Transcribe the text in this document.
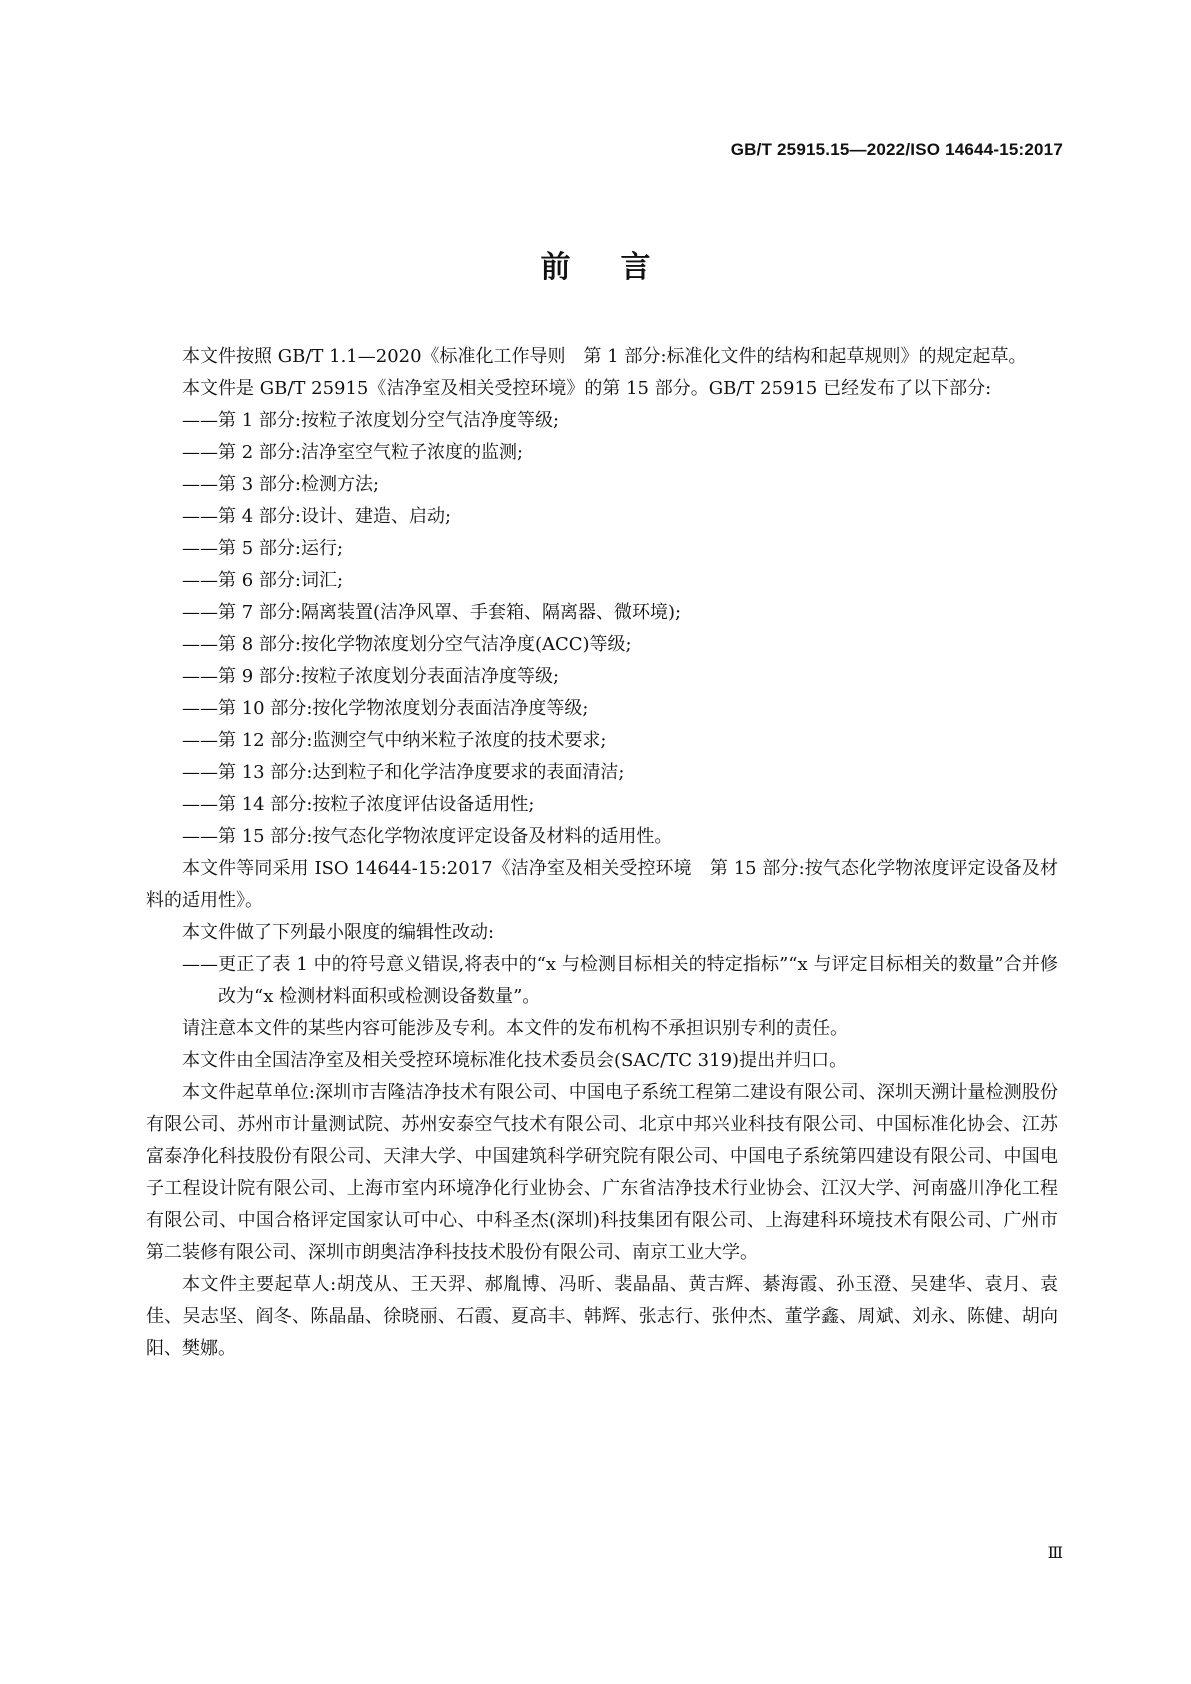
GB/T 25915.15—2022/ISO 14644-15:2017
前言

本文件按照 GB/T 1.1—2020《标准化工作导则　第 1 部分:标准化文件的结构和起草规则》的规定起草。

本文件是 GB/T 25915《洁净室及相关受控环境》的第 15 部分。GB/T 25915 已经发布了以下部分:

——第 1 部分:按粒子浓度划分空气洁净度等级;

——第 2 部分:洁净室空气粒子浓度的监测;

——第 3 部分:检测方法;

——第 4 部分:设计、建造、启动;

——第 5 部分:运行;

——第 6 部分:词汇;

——第 7 部分:隔离装置(洁净风罩、手套箱、隔离器、微环境);

——第 8 部分:按化学物浓度划分空气洁净度(ACC)等级;

——第 9 部分:按粒子浓度划分表面洁净度等级;

——第 10 部分:按化学物浓度划分表面洁净度等级;

——第 12 部分:监测空气中纳米粒子浓度的技术要求;

——第 13 部分:达到粒子和化学洁净度要求的表面清洁;

——第 14 部分:按粒子浓度评估设备适用性;

——第 15 部分:按气态化学物浓度评定设备及材料的适用性。

本文件等同采用 ISO 14644-15:2017《洁净室及相关受控环境　第 15 部分:按气态化学物浓度评定设备及材料的适用性》。

本文件做了下列最小限度的编辑性改动:

——更正了表 1 中的符号意义错误,将表中的“x 与检测目标相关的特定指标”“x 与评定目标相关的数量”合并修改为“x 检测材料面积或检测设备数量”。

请注意本文件的某些内容可能涉及专利。本文件的发布机构不承担识别专利的责任。

本文件由全国洁净室及相关受控环境标准化技术委员会(SAC/TC 319)提出并归口。

本文件起草单位:深圳市吉隆洁净技术有限公司、中国电子系统工程第二建设有限公司、深圳天溯计量检测股份有限公司、苏州市计量测试院、苏州安泰空气技术有限公司、北京中邦兴业科技有限公司、中国标准化协会、江苏富泰净化科技股份有限公司、天津大学、中国建筑科学研究院有限公司、中国电子系统第四建设有限公司、中国电子工程设计院有限公司、上海市室内环境净化行业协会、广东省洁净技术行业协会、江汉大学、河南盛川净化工程有限公司、中国合格评定国家认可中心、中科圣杰(深圳)科技集团有限公司、上海建科环境技术有限公司、广州市第二装修有限公司、深圳市朗奥洁净科技技术股份有限公司、南京工业大学。

本文件主要起草人:胡茂从、王天羿、郝胤博、冯昕、裴晶晶、黄吉辉、綦海霞、孙玉澄、吴建华、袁月、袁佳、吴志坚、阎冬、陈晶晶、徐晓丽、石霞、夏高丰、韩辉、张志行、张仲杰、董学鑫、周斌、刘永、陈健、胡向阳、樊娜。

Ⅲ
